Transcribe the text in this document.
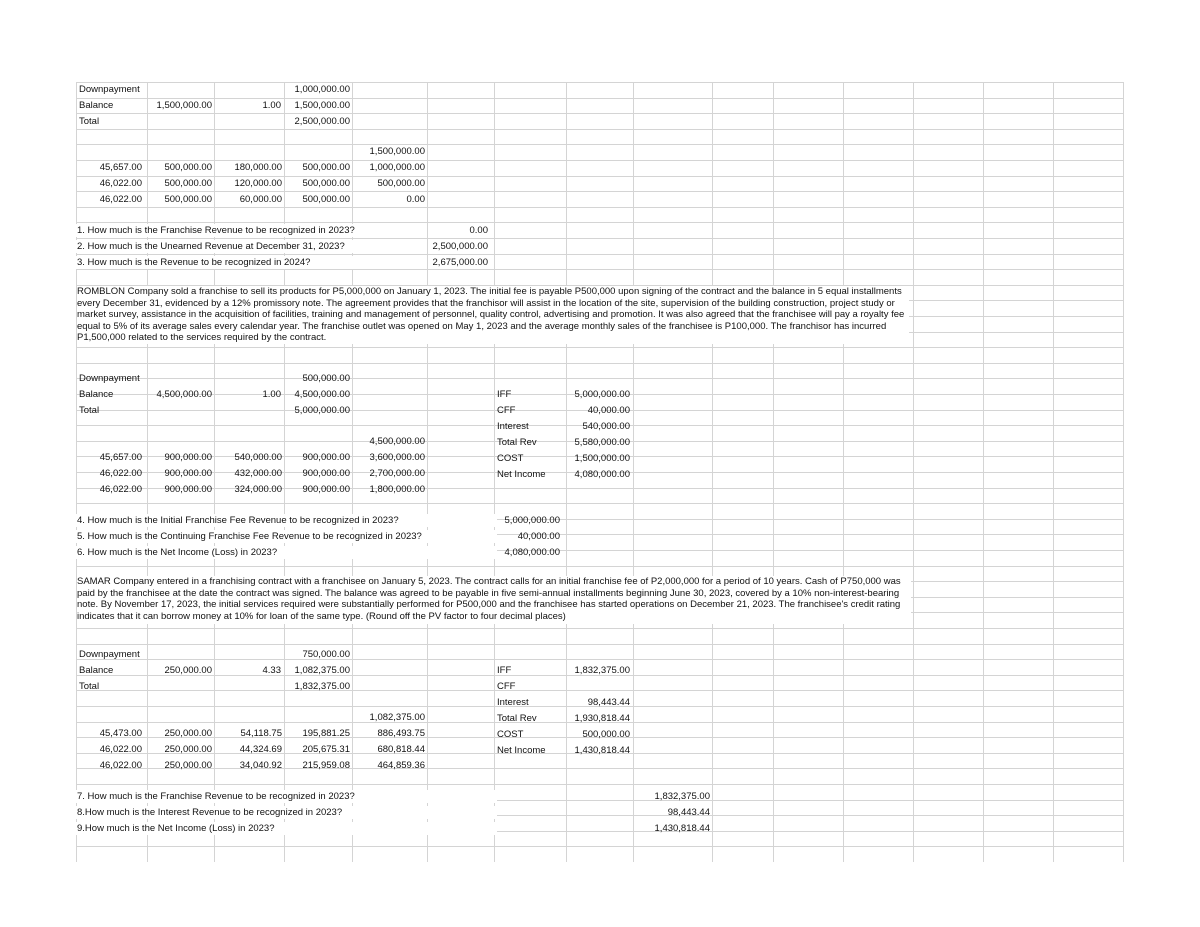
Downpayment	1,000,000.00
Balance	1,500,000.00	1.00	1,500,000.00
Total	2,500,000.00
1,500,000.00
45,657.00	500,000.00	180,000.00	500,000.00	1,000,000.00
46,022.00	500,000.00	120,000.00	500,000.00	500,000.00
46,022.00	500,000.00	60,000.00	500,000.00	0.00
1. How much is the Franchise Revenue to be recognized in 2023?	0.00
2. How much is the Unearned Revenue at December 31, 2023?	2,500,000.00
3. How much is the Revenue to be recognized in 2024?	2,675,000.00
ROMBLON Company sold a franchise to sell its products for P5,000,000 on January 1, 2023. The initial fee is payable P500,000 upon signing of the contract and the balance in 5 equal installments every December 31, evidenced by a 12% promissory note. The agreement provides that the franchisor will assist in the location of the site, supervision of the building construction, project study or market survey, assistance in the acquisition of facilities, training and management of personnel, quality control, advertising and promotion. It was also agreed that the franchisee will pay a royalty fee equal to 5% of its average sales every calendar year. The franchise outlet was opened on May 1, 2023 and the average monthly sales of the franchisee is P100,000. The franchisor has incurred P1,500,000 related to the services required by the contract.
Downpayment	500,000.00
Balance	4,500,000.00	1.00	4,500,000.00
Total	5,000,000.00
IFF	5,000,000.00
CFF	40,000.00
Interest	540,000.00
Total Rev	5,580,000.00
COST	1,500,000.00
Net Income	4,080,000.00
4,500,000.00
45,657.00	900,000.00	540,000.00	900,000.00	3,600,000.00
46,022.00	900,000.00	432,000.00	900,000.00	2,700,000.00
46,022.00	900,000.00	324,000.00	900,000.00	1,800,000.00
4. How much is the Initial Franchise Fee Revenue to be recognized in 2023?	5,000,000.00
5. How much is the Continuing Franchise Fee Revenue to be recognized in 2023?	40,000.00
6. How much is the Net Income (Loss) in 2023?	4,080,000.00
SAMAR Company entered in a franchising contract with a franchisee on January 5, 2023. The contract calls for an initial franchise fee of P2,000,000 for a period of 10 years. Cash of P750,000 was paid by the franchisee at the date the contract was signed. The balance was agreed to be payable in five semi-annual installments beginning June 30, 2023, covered by a 10% non-interest-bearing note. By November 17, 2023, the initial services required were substantially performed for P500,000 and the franchisee has started operations on December 21, 2023. The franchisee's credit rating indicates that it can borrow money at 10% for loan of the same type. (Round off the PV factor to four decimal places)
Downpayment	750,000.00
Balance	250,000.00	4.33	1,082,375.00
Total	1,832,375.00
IFF	1,832,375.00
CFF
Interest	98,443.44
Total Rev	1,930,818.44
COST	500,000.00
Net Income	1,430,818.44
1,082,375.00
45,473.00	250,000.00	54,118.75	195,881.25	886,493.75
46,022.00	250,000.00	44,324.69	205,675.31	680,818.44
46,022.00	250,000.00	34,040.92	215,959.08	464,859.36
7. How much is the Franchise Revenue to be recognized in 2023?	1,832,375.00
8.How much is the Interest Revenue to be recognized in 2023?	98,443.44
9.How much is the Net Income (Loss) in 2023?	1,430,818.44
